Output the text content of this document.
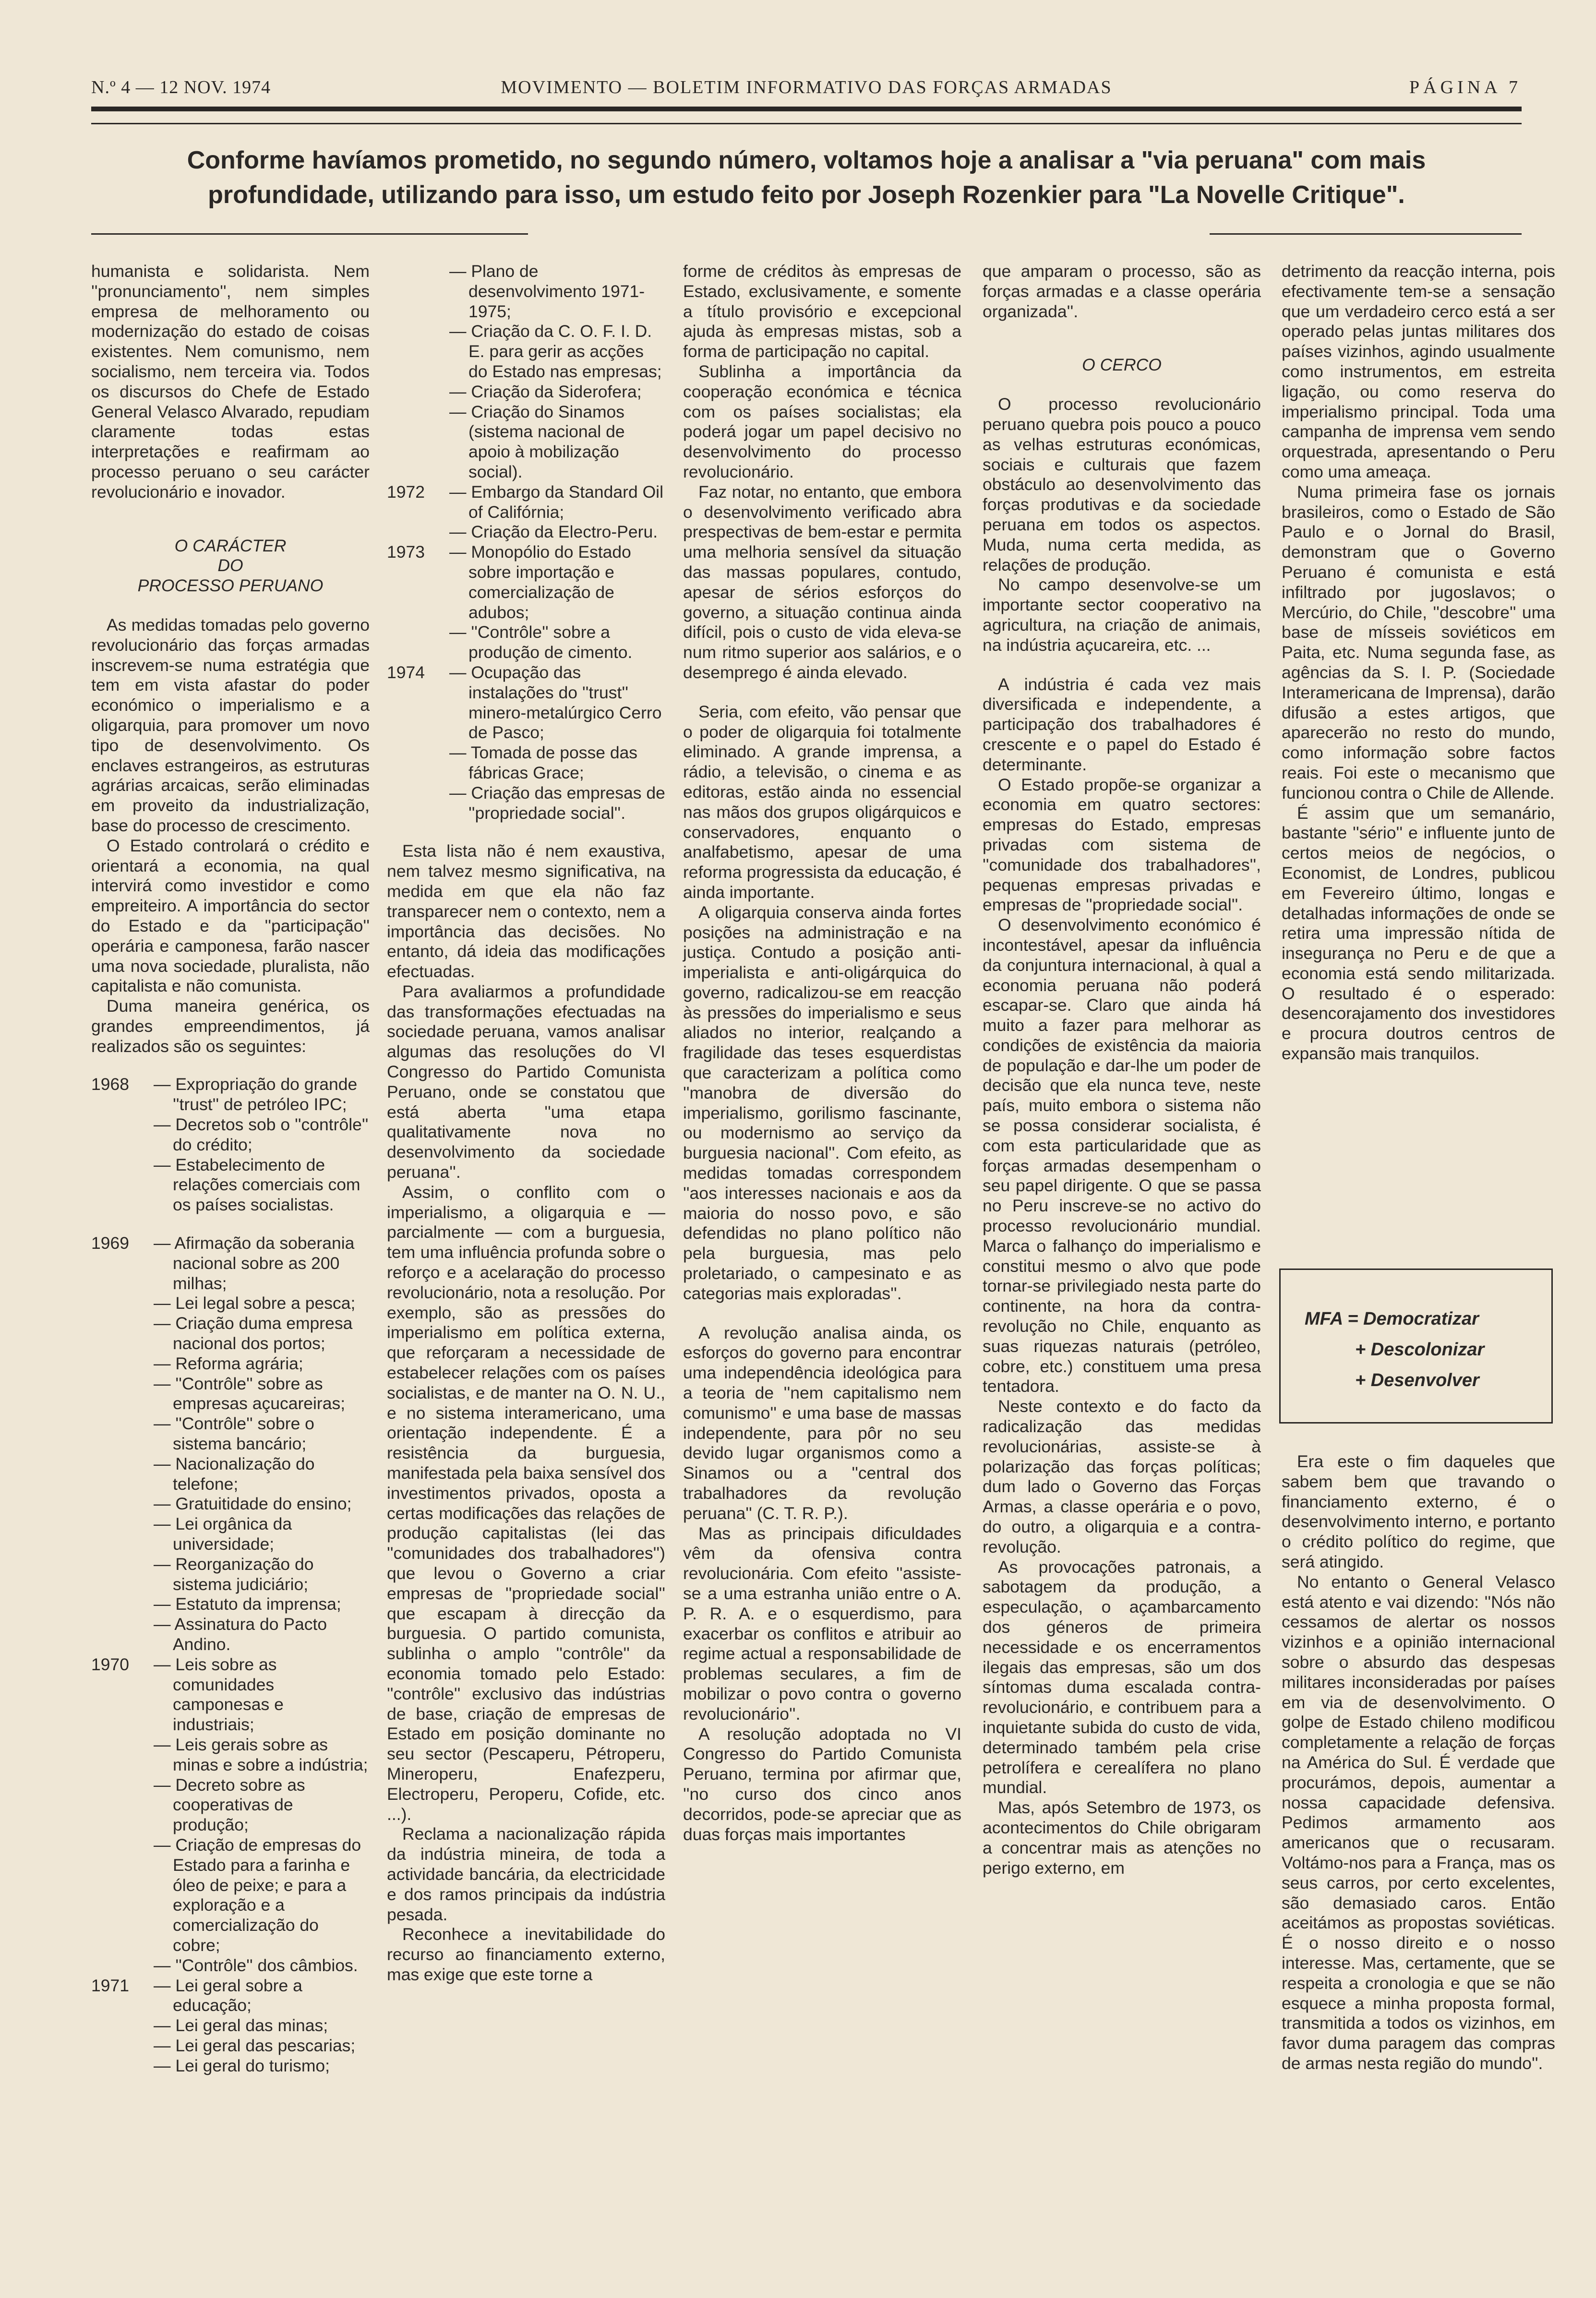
N.º 4 — 12 NOV. 1974	MOVIMENTO — BOLETIM INFORMATIVO DAS FORÇAS ARMADAS	PÁGINA 7
Conforme havíamos prometido, no segundo número, voltamos hoje a analisar a "via peruana" com mais
profundidade, utilizando para isso, um estudo feito por Joseph Rozenkier para "La Novelle Critique".

humanista e solidarista. Nem ''pronunciamento'', nem simples empresa de melhoramento ou modernização do estado de coisas existentes. Nem comunismo, nem socialismo, nem terceira via. Todos os discursos do Chefe de Estado General Velasco Alvarado, repudiam claramente todas estas interpretações e reafirmam ao processo peruano o seu carácter revolucionário e inovador.

O CARÁCTER
DO
PROCESSO PERUANO

As medidas tomadas pelo governo revolucionário das forças armadas inscrevem-se numa estratégia que tem em vista afastar do poder económico o imperialismo e a oligarquia, para promover um novo tipo de desenvolvimento. Os enclaves estrangeiros, as estruturas agrárias arcaicas, serão eliminadas em proveito da industrialização, base do processo de crescimento.

O Estado controlará o crédito e orientará a economia, na qual intervirá como investidor e como empreiteiro. A importância do sector do Estado e da ''participação'' operária e camponesa, farão nascer uma nova sociedade, pluralista, não capitalista e não comunista.

Duma maneira genérica, os grandes empreendimentos, já realizados são os seguintes:

1968 — Expropriação do grande ''trust'' de petróleo IPC;
— Decretos sob o ''contrôle'' do crédito;
— Estabelecimento de relações comerciais com os países socialistas.
1969 — Afirmação da soberania nacional sobre as 200 milhas;
— Lei legal sobre a pesca;
— Criação duma empresa nacional dos portos;
— Reforma agrária;
— ''Contrôle'' sobre as empresas açucareiras;
— ''Contrôle'' sobre o sistema bancário;
— Nacionalização do telefone;
— Gratuitidade do ensino;
— Lei orgânica da universidade;
— Reorganização do sistema judiciário;
— Estatuto da imprensa;
— Assinatura do Pacto Andino.
1970 — Leis sobre as comunidades camponesas e industriais;
— Leis gerais sobre as minas e sobre a indústria;
— Decreto sobre as cooperativas de produção;
— Criação de empresas do Estado para a farinha e óleo de peixe; e para a exploração e a comercialização do cobre;
— ''Contrôle'' dos câmbios.
1971 — Lei geral sobre a educação;
— Lei geral das minas;
— Lei geral das pescarias;
— Lei geral do turismo;
— Plano de desenvolvimento 1971-1975;
— Criação da C. O. F. I. D. E. para gerir as acções do Estado nas empresas;
— Criação da Siderofera;
— Criação do Sinamos (sistema nacional de apoio à mobilização social).
1972 — Embargo da Standard Oil of Califórnia;
— Criação da Electro-Peru.
1973 — Monopólio do Estado sobre importação e comercialização de adubos;
— ''Contrôle'' sobre a produção de cimento.
1974 — Ocupação das instalações do ''trust'' minero-metalúrgico Cerro de Pasco;
— Tomada de posse das fábricas Grace;
— Criação das empresas de ''propriedade social''.

Esta lista não é nem exaustiva, nem talvez mesmo significativa, na medida em que ela não faz transparecer nem o contexto, nem a importância das decisões. No entanto, dá ideia das modificações efectuadas.

Para avaliarmos a profundidade das transformações efectuadas na sociedade peruana, vamos analisar algumas das resoluções do VI Congresso do Partido Comunista Peruano, onde se constatou que está aberta ''uma etapa qualitativamente nova no desenvolvimento da sociedade peruana''.

Assim, o conflito com o imperialismo, a oligarquia e — parcialmente — com a burguesia, tem uma influência profunda sobre o reforço e a acelaração do processo revolucionário, nota a resolução. Por exemplo, são as pressões do imperialismo em política externa, que reforçaram a necessidade de estabelecer relações com os países socialistas, e de manter na O. N. U., e no sistema interamericano, uma orientação independente. É a resistência da burguesia, manifestada pela baixa sensível dos investimentos privados, oposta a certas modificações das relações de produção capitalistas (lei das ''comunidades dos trabalhadores'') que levou o Governo a criar empresas de ''propriedade social'' que escapam à direcção da burguesia. O partido comunista, sublinha o amplo ''contrôle'' da economia tomado pelo Estado: ''contrôle'' exclusivo das indústrias de base, criação de empresas de Estado em posição dominante no seu sector (Pescaperu, Pétroperu, Mineroperu, Enafezperu, Electroperu, Peroperu, Cofide, etc. ...).

Reclama a nacionalização rápida da indústria mineira, de toda a actividade bancária, da electricidade e dos ramos principais da indústria pesada.

Reconhece a inevitabilidade do recurso ao financiamento externo, mas exige que este torne a

forme de créditos às empresas de Estado, exclusivamente, e somente a título provisório e excepcional ajuda às empresas mistas, sob a forma de participação no capital.

Sublinha a importância da cooperação económica e técnica com os países socialistas; ela poderá jogar um papel decisivo no desenvolvimento do processo revolucionário.

Faz notar, no entanto, que embora o desenvolvimento verificado abra prespectivas de bem-estar e permita uma melhoria sensível da situação das massas populares, contudo, apesar de sérios esforços do governo, a situação continua ainda difícil, pois o custo de vida eleva-se num ritmo superior aos salários, e o desemprego é ainda elevado.

Seria, com efeito, vão pensar que o poder de oligarquia foi totalmente eliminado. A grande imprensa, a rádio, a televisão, o cinema e as editoras, estão ainda no essencial nas mãos dos grupos oligárquicos e conservadores, enquanto o analfabetismo, apesar de uma reforma progressista da educação, é ainda importante.

A oligarquia conserva ainda fortes posições na administração e na justiça. Contudo a posição anti-imperialista e anti-oligárquica do governo, radicalizou-se em reacção às pressões do imperialismo e seus aliados no interior, realçando a fragilidade das teses esquerdistas que caracterizam a política como ''manobra de diversão do imperialismo, gorilismo fascinante, ou modernismo ao serviço da burguesia nacional''. Com efeito, as medidas tomadas correspondem ''aos interesses nacionais e aos da maioria do nosso povo, e são defendidas no plano político não pela burguesia, mas pelo proletariado, o campesinato e as categorias mais exploradas''.

A revolução analisa ainda, os esforços do governo para encontrar uma independência ideológica para a teoria de ''nem capitalismo nem comunismo'' e uma base de massas independente, para pôr no seu devido lugar organismos como a Sinamos ou a ''central dos trabalhadores da revolução peruana'' (C. T. R. P.).

Mas as principais dificuldades vêm da ofensiva contra revolucionária. Com efeito ''assiste-se a uma estranha união entre o A. P. R. A. e o esquerdismo, para exacerbar os conflitos e atribuir ao regime actual a responsabilidade de problemas seculares, a fim de mobilizar o povo contra o governo revolucionário''.

A resolução adoptada no VI Congresso do Partido Comunista Peruano, termina por afirmar que, ''no curso dos cinco anos decorridos, pode-se apreciar que as duas forças mais importantes

que amparam o processo, são as forças armadas e a classe operária organizada''.

O CERCO

O processo revolucionário peruano quebra pois pouco a pouco as velhas estruturas económicas, sociais e culturais que fazem obstáculo ao desenvolvimento das forças produtivas e da sociedade peruana em todos os aspectos. Muda, numa certa medida, as relações de produção.

No campo desenvolve-se um importante sector cooperativo na agricultura, na criação de animais, na indústria açucareira, etc. ...

A indústria é cada vez mais diversificada e independente, a participação dos trabalhadores é crescente e o papel do Estado é determinante.

O Estado propõe-se organizar a economia em quatro sectores: empresas do Estado, empresas privadas com sistema de ''comunidade dos trabalhadores'', pequenas empresas privadas e empresas de ''propriedade social''.

O desenvolvimento económico é incontestável, apesar da influência da conjuntura internacional, à qual a economia peruana não poderá escapar-se. Claro que ainda há muito a fazer para melhorar as condições de existência da maioria de população e dar-lhe um poder de decisão que ela nunca teve, neste país, muito embora o sistema não se possa considerar socialista, é com esta particularidade que as forças armadas desempenham o seu papel dirigente. O que se passa no Peru inscreve-se no activo do processo revolucionário mundial. Marca o falhanço do imperialismo e constitui mesmo o alvo que pode tornar-se privilegiado nesta parte do continente, na hora da contra-revolução no Chile, enquanto as suas riquezas naturais (petróleo, cobre, etc.) constituem uma presa tentadora.

Neste contexto e do facto da radicalização das medidas revolucionárias, assiste-se à polarização das forças políticas; dum lado o Governo das Forças Armas, a classe operária e o povo, do outro, a oligarquia e a contra-revolução.

As provocações patronais, a sabotagem da produção, a especulação, o açambarcamento dos géneros de primeira necessidade e os encerramentos ilegais das empresas, são um dos síntomas duma escalada contra-revolucionário, e contribuem para a inquietante subida do custo de vida, determinado também pela crise petrolífera e cerealífera no plano mundial.

Mas, após Setembro de 1973, os acontecimentos do Chile obrigaram a concentrar mais as atenções no perigo externo, em

detrimento da reacção interna, pois efectivamente tem-se a sensação que um verdadeiro cerco está a ser operado pelas juntas militares dos países vizinhos, agindo usualmente como instrumentos, em estreita ligação, ou como reserva do imperialismo principal. Toda uma campanha de imprensa vem sendo orquestrada, apresentando o Peru como uma ameaça.

Numa primeira fase os jornais brasileiros, como o Estado de São Paulo e o Jornal do Brasil, demonstram que o Governo Peruano é comunista e está infiltrado por jugoslavos; o Mercúrio, do Chile, ''descobre'' uma base de mísseis soviéticos em Paita, etc. Numa segunda fase, as agências da S. I. P. (Sociedade Interamericana de Imprensa), darão difusão a estes artigos, que aparecerão no resto do mundo, como informação sobre factos reais. Foi este o mecanismo que funcionou contra o Chile de Allende.

É assim que um semanário, bastante ''sério'' e influente junto de certos meios de negócios, o Economist, de Londres, publicou em Fevereiro último, longas e detalhadas informações de onde se retira uma impressão nítida de insegurança no Peru e de que a economia está sendo militarizada. O resultado é o esperado: desencorajamento dos investidores e procura doutros centros de expansão mais tranquilos.

MFA = Democratizar
+ Descolonizar
+ Desenvolver

Era este o fim daqueles que sabem bem que travando o financiamento externo, é o desenvolvimento interno, e portanto o crédito político do regime, que será atingido.

No entanto o General Velasco está atento e vai dizendo: ''Nós não cessamos de alertar os nossos vizinhos e a opinião internacional sobre o absurdo das despesas militares inconsideradas por países em via de desenvolvimento. O golpe de Estado chileno modificou completamente a relação de forças na América do Sul. É verdade que procurámos, depois, aumentar a nossa capacidade defensiva. Pedimos armamento aos americanos que o recusaram. Voltámo-nos para a França, mas os seus carros, por certo excelentes, são demasiado caros. Então aceitámos as propostas soviéticas. É o nosso direito e o nosso interesse. Mas, certamente, que se respeita a cronologia e que se não esquece a minha proposta formal, transmitida a todos os vizinhos, em favor duma paragem das compras de armas nesta região do mundo''.
